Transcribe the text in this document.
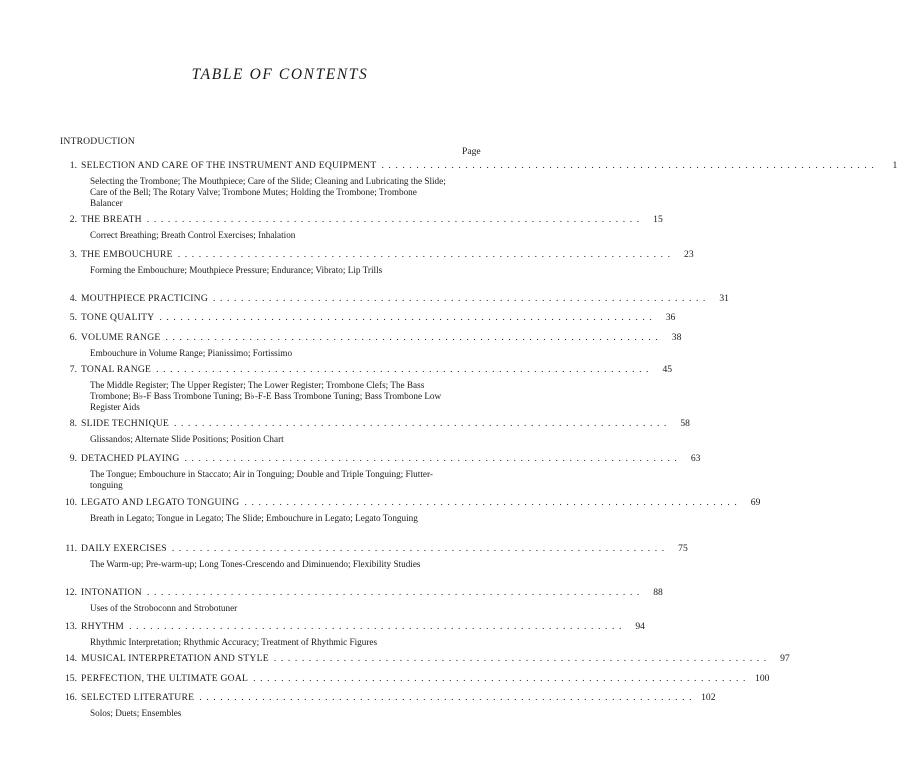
TABLE OF CONTENTS
INTRODUCTION
Page
1. SELECTION AND CARE OF THE INSTRUMENT AND EQUIPMENT .......................................................................	1
Selecting the Trombone; The Mouthpiece; Care of the Slide; Cleaning and Lubricating the Slide; Care of the Bell; The Rotary Valve; Trombone Mutes; Holding the Trombone; Trombone Balancer
2. THE BREATH ....................................................................... 15
Correct Breathing; Breath Control Exercises; Inhalation
3. THE EMBOUCHURE ....................................................................... 23
Forming the Embouchure; Mouthpiece Pressure; Endurance; Vibrato; Lip Trills
4. MOUTHPIECE PRACTICING ....................................................................... 31
5. TONE QUALITY ....................................................................... 36
6. VOLUME RANGE ....................................................................... 38
Embouchure in Volume Range; Pianissimo; Fortissimo
7. TONAL RANGE ....................................................................... 45
The Middle Register; The Upper Register; The Lower Register; Trombone Clefs; The Bass Trombone; B♭-F Bass Trombone Tuning; B♭-F-E Bass Trombone Tuning; Bass Trombone Low Register Aids
8. SLIDE TECHNIQUE ....................................................................... 58
Glissandos; Alternate Slide Positions; Position Chart
9. DETACHED PLAYING ....................................................................... 63
The Tongue; Embouchure in Staccato; Air in Tonguing; Double and Triple Tonguing; Flutter-tonguing
10. LEGATO AND LEGATO TONGUING ....................................................................... 69
Breath in Legato; Tongue in Legato; The Slide; Embouchure in Legato; Legato Tonguing
11. DAILY EXERCISES ....................................................................... 75
The Warm-up; Pre-warm-up; Long Tones-Crescendo and Diminuendo; Flexibility Studies
12. INTONATION ....................................................................... 88
Uses of the Stroboconn and Strobotuner
13. RHYTHM ....................................................................... 94
Rhythmic Interpretation; Rhythmic Accuracy; Treatment of Rhythmic Figures
14. MUSICAL INTERPRETATION AND STYLE ....................................................................... 97
15. PERFECTION, THE ULTIMATE GOAL ....................................................................... 100
16. SELECTED LITERATURE ....................................................................... 102
Solos; Duets; Ensembles
